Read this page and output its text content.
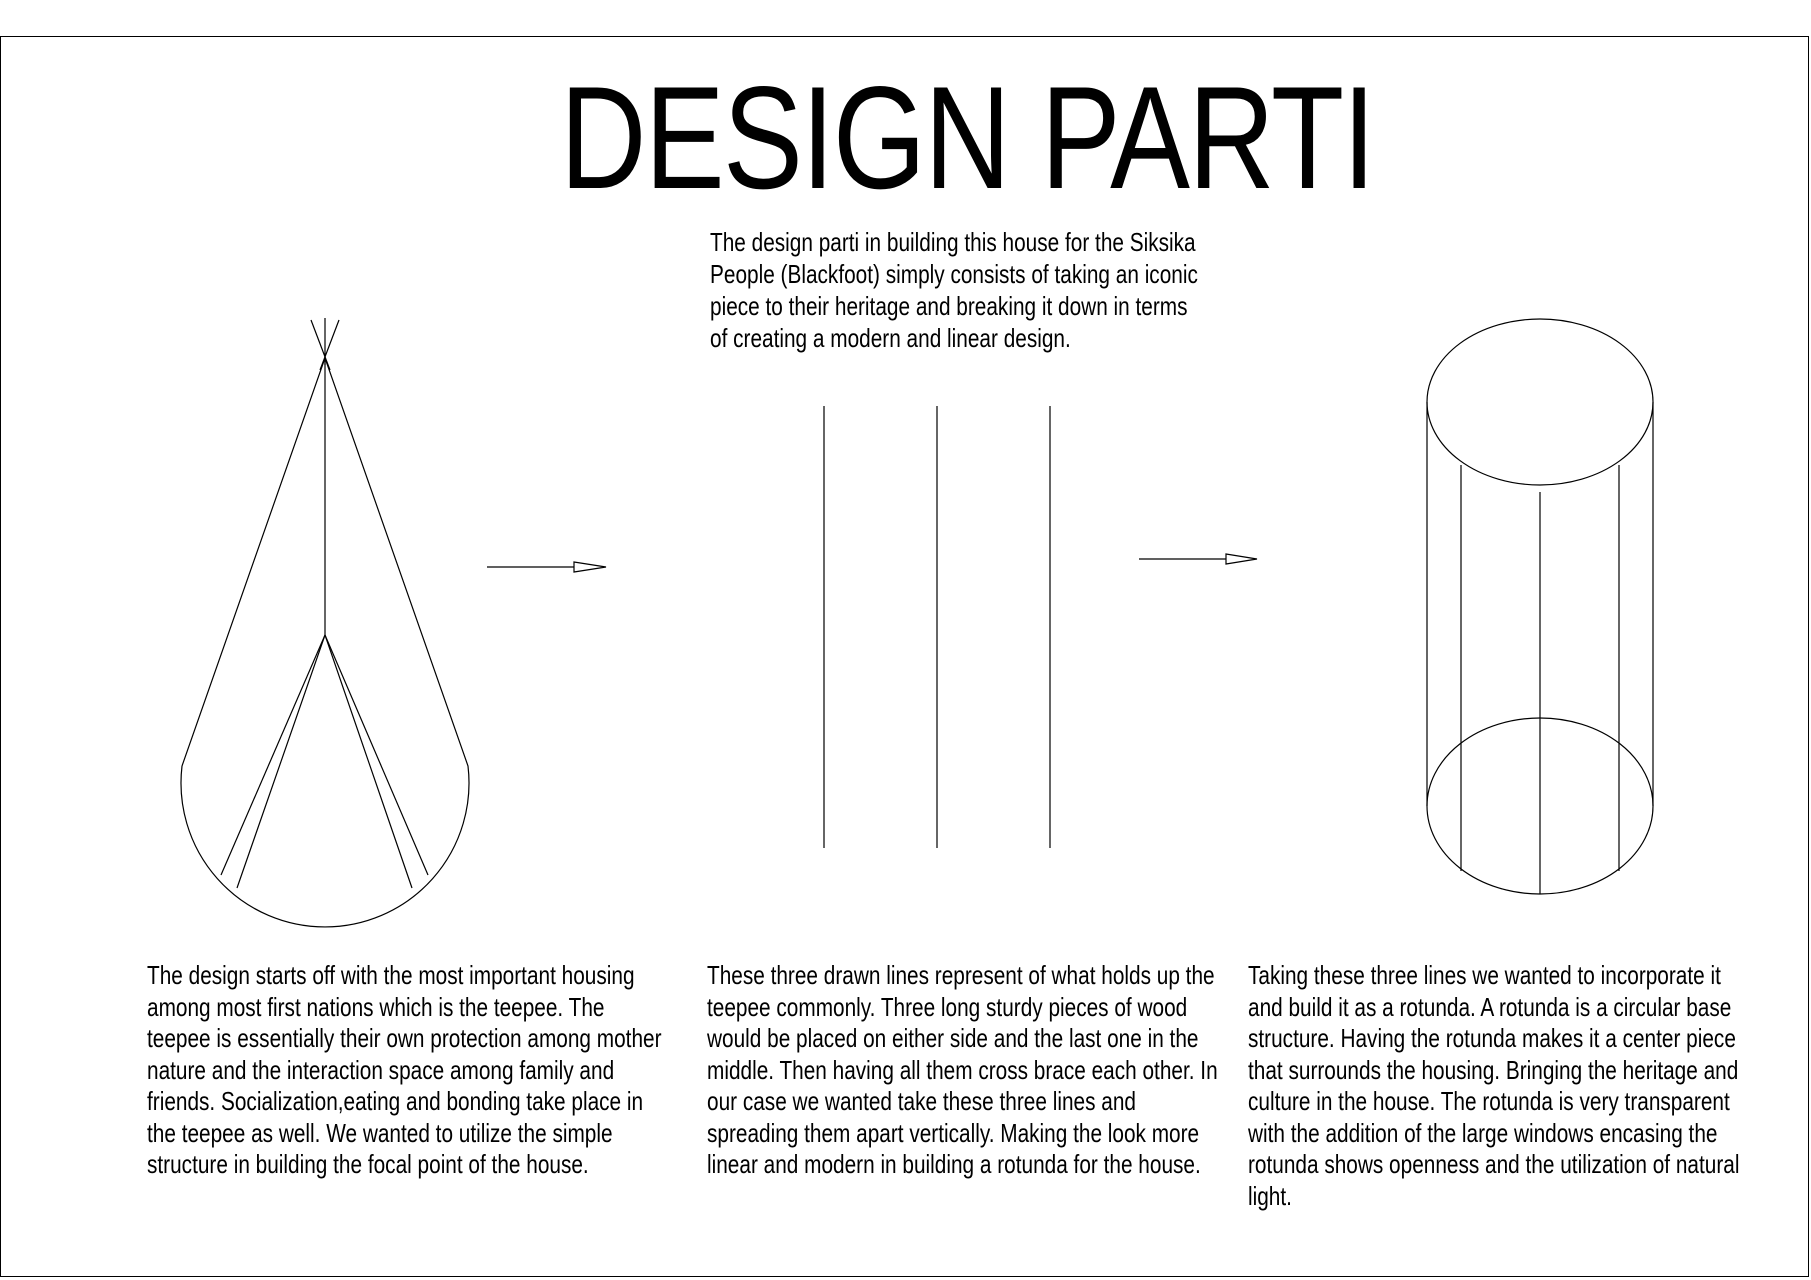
DESIGN PARTI
The design parti in building this house for the Siksika People (Blackfoot) simply consists of taking an iconic piece to their heritage and breaking it down in terms of creating a modern and linear design.
The design starts off with the most important housing among most first nations which is the teepee. The teepee is essentially their own protection among mother nature and the interaction space among family and friends. Socialization,eating and bonding take place in the teepee as well. We wanted to utilize the simple structure in building the focal point of the house.
These three drawn lines represent of what holds up the teepee commonly. Three long sturdy pieces of wood would be placed on either side and the last one in the middle. Then having all them cross brace each other. In our case we wanted take these three lines and spreading them apart vertically. Making the look more linear and modern in building a rotunda for the house.
Taking these three lines we wanted to incorporate it and build it as a rotunda. A rotunda is a circular base structure. Having the rotunda makes it a center piece that surrounds the housing. Bringing the heritage and culture in the house. The rotunda is very transparent with the addition of the large windows encasing the rotunda shows openness and the utilization of natural light.
